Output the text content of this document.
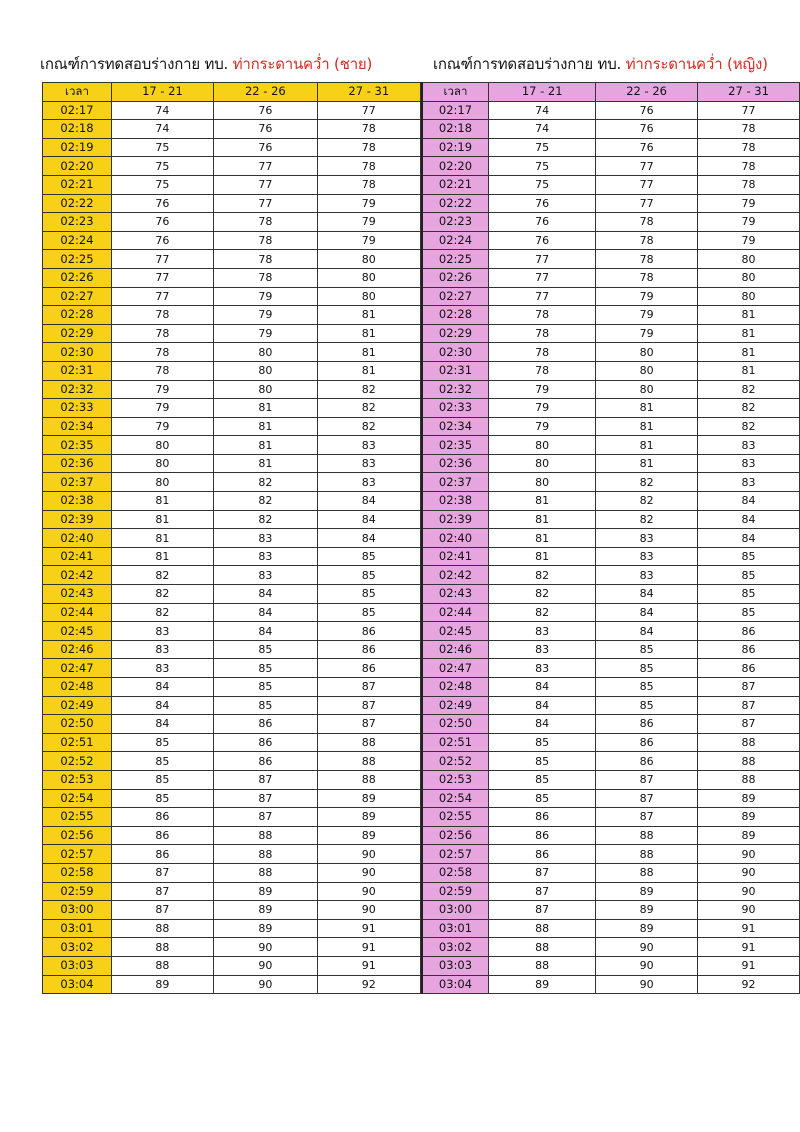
เกณฑ์การทดสอบร่างกาย ทบ. ท่ากระดานคว่ำ (ชาย)	เกณฑ์การทดสอบร่างกาย ทบ. ท่ากระดานคว่ำ (หญิง)
เวลา	17 - 21	22 - 26	27 - 31
02:17	74	76	77
02:18	74	76	78
02:19	75	76	78
02:20	75	77	78
02:21	75	77	78
02:22	76	77	79
02:23	76	78	79
02:24	76	78	79
02:25	77	78	80
02:26	77	78	80
02:27	77	79	80
02:28	78	79	81
02:29	78	79	81
02:30	78	80	81
02:31	78	80	81
02:32	79	80	82
02:33	79	81	82
02:34	79	81	82
02:35	80	81	83
02:36	80	81	83
02:37	80	82	83
02:38	81	82	84
02:39	81	82	84
02:40	81	83	84
02:41	81	83	85
02:42	82	83	85
02:43	82	84	85
02:44	82	84	85
02:45	83	84	86
02:46	83	85	86
02:47	83	85	86
02:48	84	85	87
02:49	84	85	87
02:50	84	86	87
02:51	85	86	88
02:52	85	86	88
02:53	85	87	88
02:54	85	87	89
02:55	86	87	89
02:56	86	88	89
02:57	86	88	90
02:58	87	88	90
02:59	87	89	90
03:00	87	89	90
03:01	88	89	91
03:02	88	90	91
03:03	88	90	91
03:04	89	90	92
เวลา	17 - 21	22 - 26	27 - 31
02:17	74	76	77
02:18	74	76	78
02:19	75	76	78
02:20	75	77	78
02:21	75	77	78
02:22	76	77	79
02:23	76	78	79
02:24	76	78	79
02:25	77	78	80
02:26	77	78	80
02:27	77	79	80
02:28	78	79	81
02:29	78	79	81
02:30	78	80	81
02:31	78	80	81
02:32	79	80	82
02:33	79	81	82
02:34	79	81	82
02:35	80	81	83
02:36	80	81	83
02:37	80	82	83
02:38	81	82	84
02:39	81	82	84
02:40	81	83	84
02:41	81	83	85
02:42	82	83	85
02:43	82	84	85
02:44	82	84	85
02:45	83	84	86
02:46	83	85	86
02:47	83	85	86
02:48	84	85	87
02:49	84	85	87
02:50	84	86	87
02:51	85	86	88
02:52	85	86	88
02:53	85	87	88
02:54	85	87	89
02:55	86	87	89
02:56	86	88	89
02:57	86	88	90
02:58	87	88	90
02:59	87	89	90
03:00	87	89	90
03:01	88	89	91
03:02	88	90	91
03:03	88	90	91
03:04	89	90	92
